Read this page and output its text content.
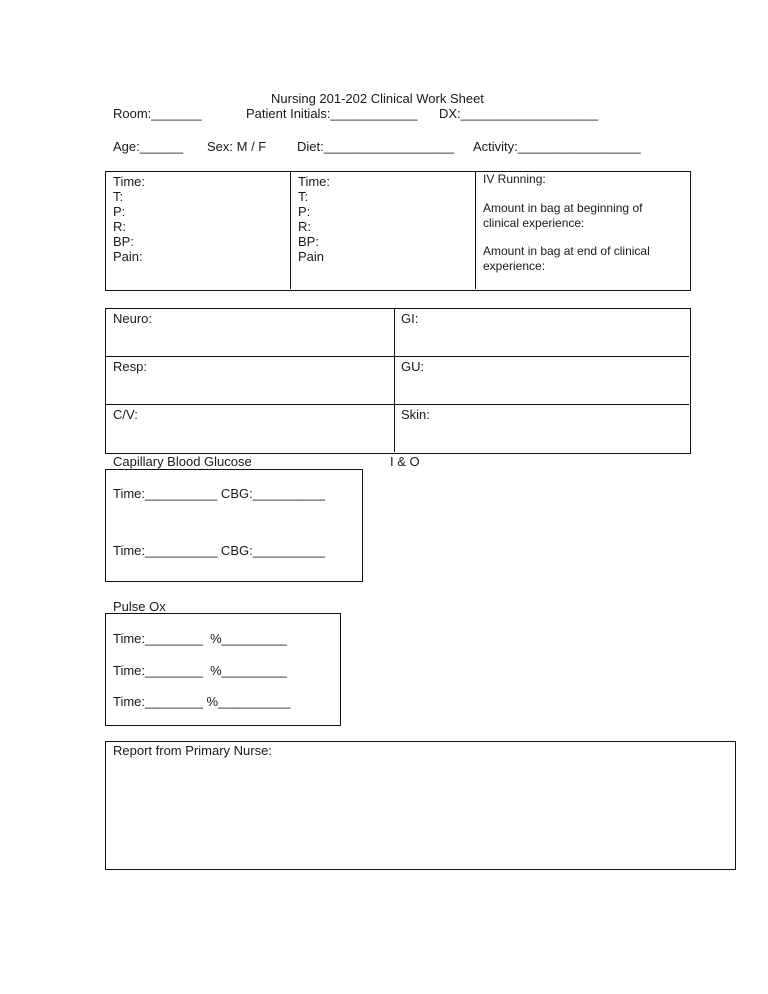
Nursing 201-202 Clinical Work Sheet
Room:_______	Patient Initials:____________ DX:___________________
Age:______ Sex: M / F Diet:__________________ Activity:_________________
Time:
T:
P:
R:
BP:
Pain:
Time:
T:
P:
R:
BP:
Pain
IV Running:
Amount in bag at beginning of
clinical experience:
Amount in bag at end of clinical
experience:
Neuro:	GI:
Resp:	GU:
C/V:	Skin:
Capillary Blood Glucose	I & O
Time:__________ CBG:__________
Time:__________ CBG:__________
Pulse Ox
Time:________  %_________
Time:________  %_________
Time:________ %__________
Report from Primary Nurse:
